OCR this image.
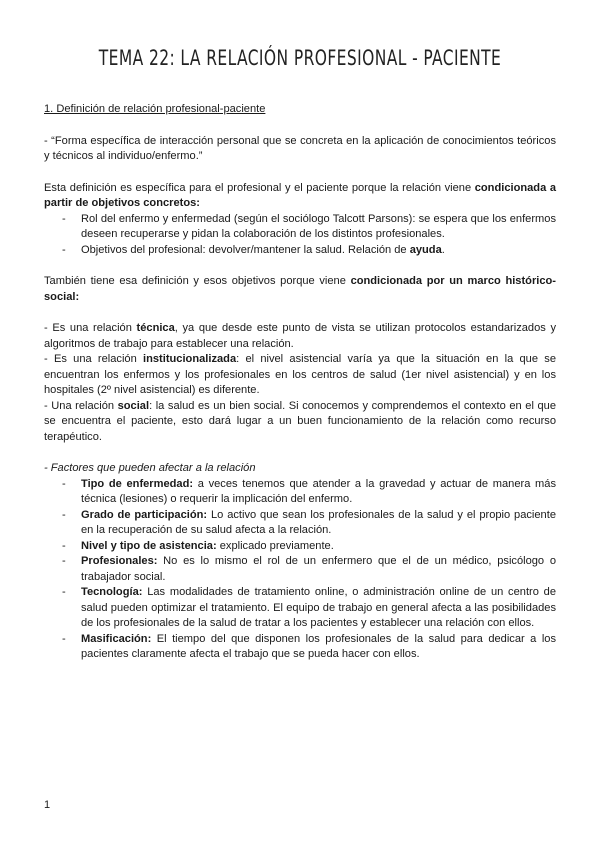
TEMA 22: LA RELACIÓN PROFESIONAL - PACIENTE

1. Definición de relación profesional-paciente

- “Forma específica de interacción personal que se concreta en la aplicación de conocimientos teóricos y técnicos al individuo/enfermo.”

Esta definición es específica para el profesional y el paciente porque la relación viene condicionada a partir de objetivos concretos:

- Rol del enfermo y enfermedad (según el sociólogo Talcott Parsons): se espera que los enfermos deseen recuperarse y pidan la colaboración de los distintos profesionales.
- Objetivos del profesional: devolver/mantener la salud. Relación de ayuda.

También tiene esa definición y esos objetivos porque viene condicionada por un marco histórico-social:

- Es una relación técnica, ya que desde este punto de vista se utilizan protocolos estandarizados y algoritmos de trabajo para establecer una relación.

- Es una relación institucionalizada: el nivel asistencial varía ya que la situación en la que se encuentran los enfermos y los profesionales en los centros de salud (1er nivel asistencial) y en los hospitales (2º nivel asistencial) es diferente.

- Una relación social: la salud es un bien social. Si conocemos y comprendemos el contexto en el que se encuentra el paciente, esto dará lugar a un buen funcionamiento de la relación como recurso terapéutico.

- Factores que pueden afectar a la relación

- Tipo de enfermedad: a veces tenemos que atender a la gravedad y actuar de manera más técnica (lesiones) o requerir la implicación del enfermo.
- Grado de participación: Lo activo que sean los profesionales de la salud y el propio paciente en la recuperación de su salud afecta a la relación.
- Nivel y tipo de asistencia: explicado previamente.
- Profesionales: No es lo mismo el rol de un enfermero que el de un médico, psicólogo o trabajador social.
- Tecnología: Las modalidades de tratamiento online, o administración online de un centro de salud pueden optimizar el tratamiento. El equipo de trabajo en general afecta a las posibilidades de los profesionales de la salud de tratar a los pacientes y establecer una relación con ellos.
- Masificación: El tiempo del que disponen los profesionales de la salud para dedicar a los pacientes claramente afecta el trabajo que se pueda hacer con ellos.
1
